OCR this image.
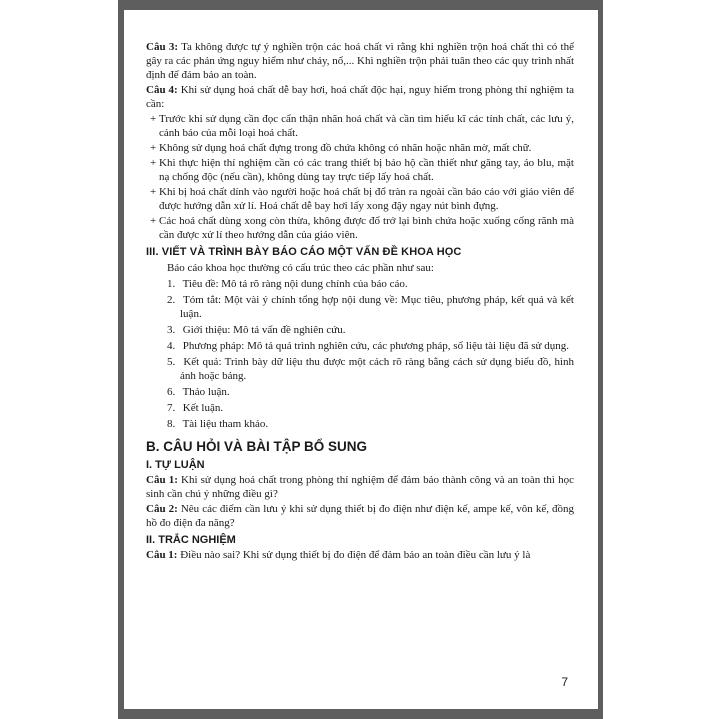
Câu 3: Ta không được tự ý nghiền trộn các hoá chất vì rằng khi nghiền trộn hoá chất thì có thể gây ra các phản ứng nguy hiểm như cháy, nổ,... Khi nghiền trộn phải tuân theo các quy trình nhất định để đảm bảo an toàn.

Câu 4: Khi sử dụng hoá chất dễ bay hơi, hoá chất độc hại, nguy hiểm trong phòng thí nghiệm ta cần:

+ Trước khi sử dụng cần đọc cẩn thận nhãn hoá chất và cần tìm hiểu kĩ các tính chất, các lưu ý, cảnh báo của mỗi loại hoá chất.

+ Không sử dụng hoá chất đựng trong đồ chứa không có nhãn hoặc nhãn mờ, mất chữ.

+ Khi thực hiện thí nghiệm cần có các trang thiết bị bảo hộ cần thiết như găng tay, áo blu, mặt nạ chống độc (nếu cần), không dùng tay trực tiếp lấy hoá chất.

+ Khi bị hoá chất dính vào người hoặc hoá chất bị đổ tràn ra ngoài cần báo cáo với giáo viên để được hướng dẫn xử lí. Hoá chất dễ bay hơi lấy xong đậy ngay nút bình đựng.

+ Các hoá chất dùng xong còn thừa, không được đổ trở lại bình chứa hoặc xuống cống rãnh mà cần được xử lí theo hướng dẫn của giáo viên.

III. VIẾT VÀ TRÌNH BÀY BÁO CÁO MỘT VẤN ĐỀ KHOA HỌC

Báo cáo khoa học thường có cấu trúc theo các phần như sau:

1. Tiêu đề: Mô tả rõ ràng nội dung chính của báo cáo.

2. Tóm tắt: Một vài ý chính tổng hợp nội dung về: Mục tiêu, phương pháp, kết quả và kết luận.

3. Giới thiệu: Mô tả vấn đề nghiên cứu.

4. Phương pháp: Mô tả quá trình nghiên cứu, các phương pháp, số liệu tài liệu đã sử dụng.

5. Kết quả: Trình bày dữ liệu thu được một cách rõ ràng bằng cách sử dụng biểu đồ, hình ảnh hoặc bảng.

6. Thảo luận.

7. Kết luận.

8. Tài liệu tham khảo.

B. CÂU HỎI VÀ BÀI TẬP BỔ SUNG

I. TỰ LUẬN

Câu 1: Khi sử dụng hoá chất trong phòng thí nghiệm để đảm bảo thành công và an toàn thì học sinh cần chú ý những điều gì?

Câu 2: Nêu các điểm cần lưu ý khi sử dụng thiết bị đo điện như điện kế, ampe kế, vôn kế, đồng hồ đo điện đa năng?

II. TRẮC NGHIỆM

Câu 1: Điều nào sai? Khi sử dụng thiết bị đo điện để đảm bảo an toàn điều cần lưu ý là

7
